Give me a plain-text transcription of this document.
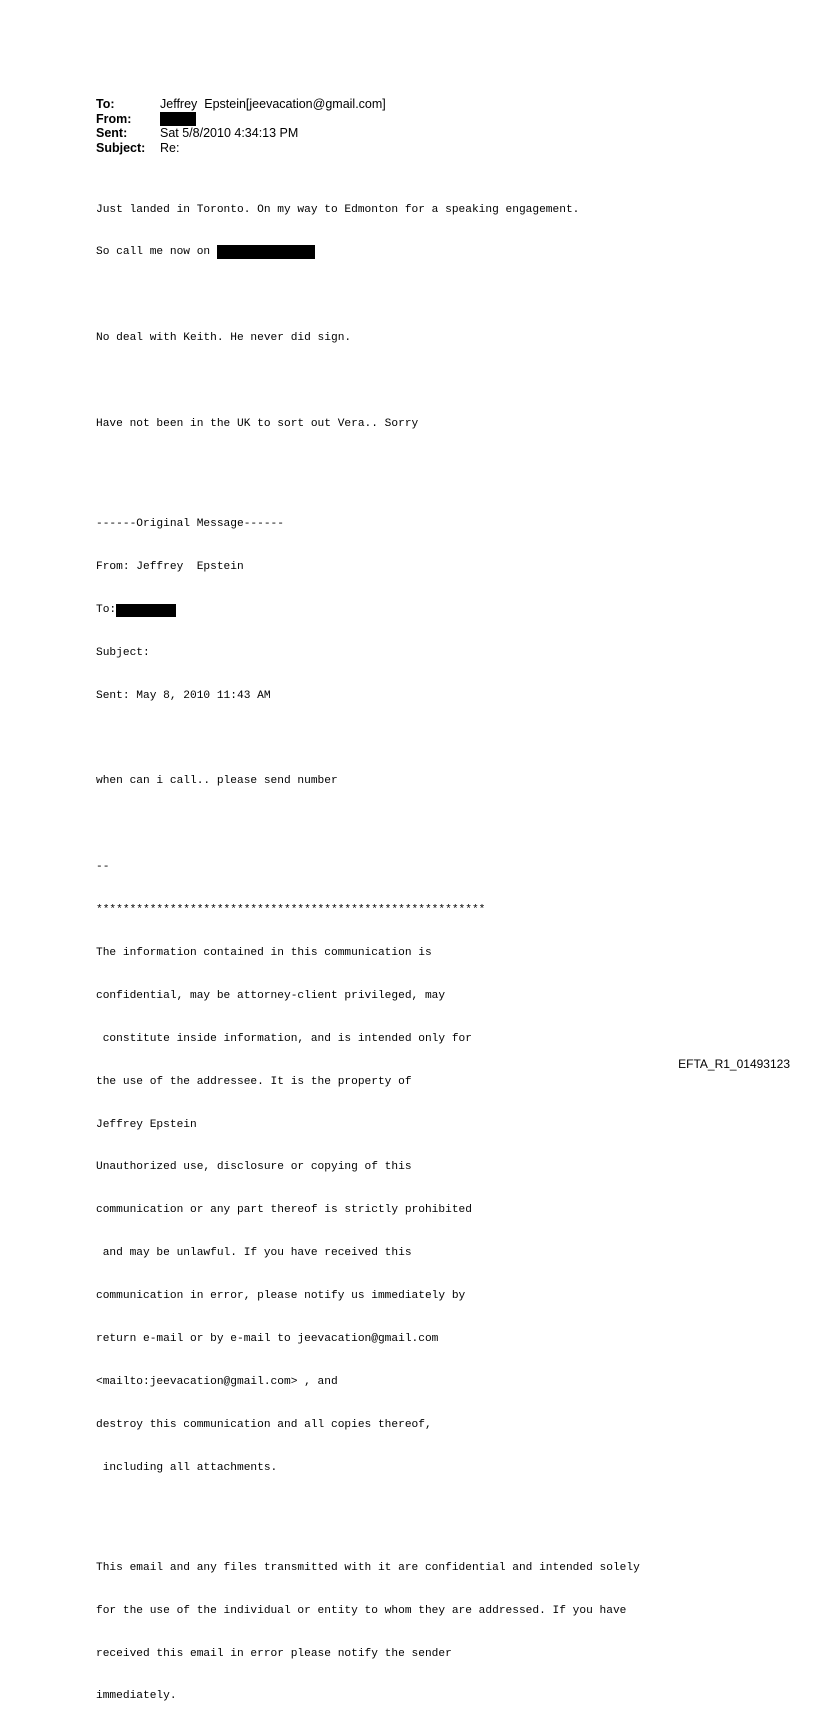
To:	Jeffrey  Epstein[jeevacation@gmail.com]
From:
Sent:	Sat 5/8/2010 4:34:13 PM
Subject:	Re:

Just landed in Toronto. On my way to Edmonton for a speaking engagement.

So call me now on

No deal with Keith. He never did sign.

Have not been in the UK to sort out Vera.. Sorry

------Original Message------

From: Jeffrey  Epstein

To:

Subject:

Sent: May 8, 2010 11:43 AM

when can i call.. please send number

--

**********************************************************

The information contained in this communication is

confidential, may be attorney-client privileged, may

constitute inside information, and is intended only for

the use of the addressee. It is the property of

Jeffrey Epstein

Unauthorized use, disclosure or copying of this

communication or any part thereof is strictly prohibited

and may be unlawful. If you have received this

communication in error, please notify us immediately by

return e-mail or by e-mail to jeevacation@gmail.com

<mailto:jeevacation@gmail.com> , and

destroy this communication and all copies thereof,

including all attachments.

This email and any files transmitted with it are confidential and intended solely

for the use of the individual or entity to whom they are addressed. If you have

received this email in error please notify the sender

immediately.

EFTA_R1_01493123
